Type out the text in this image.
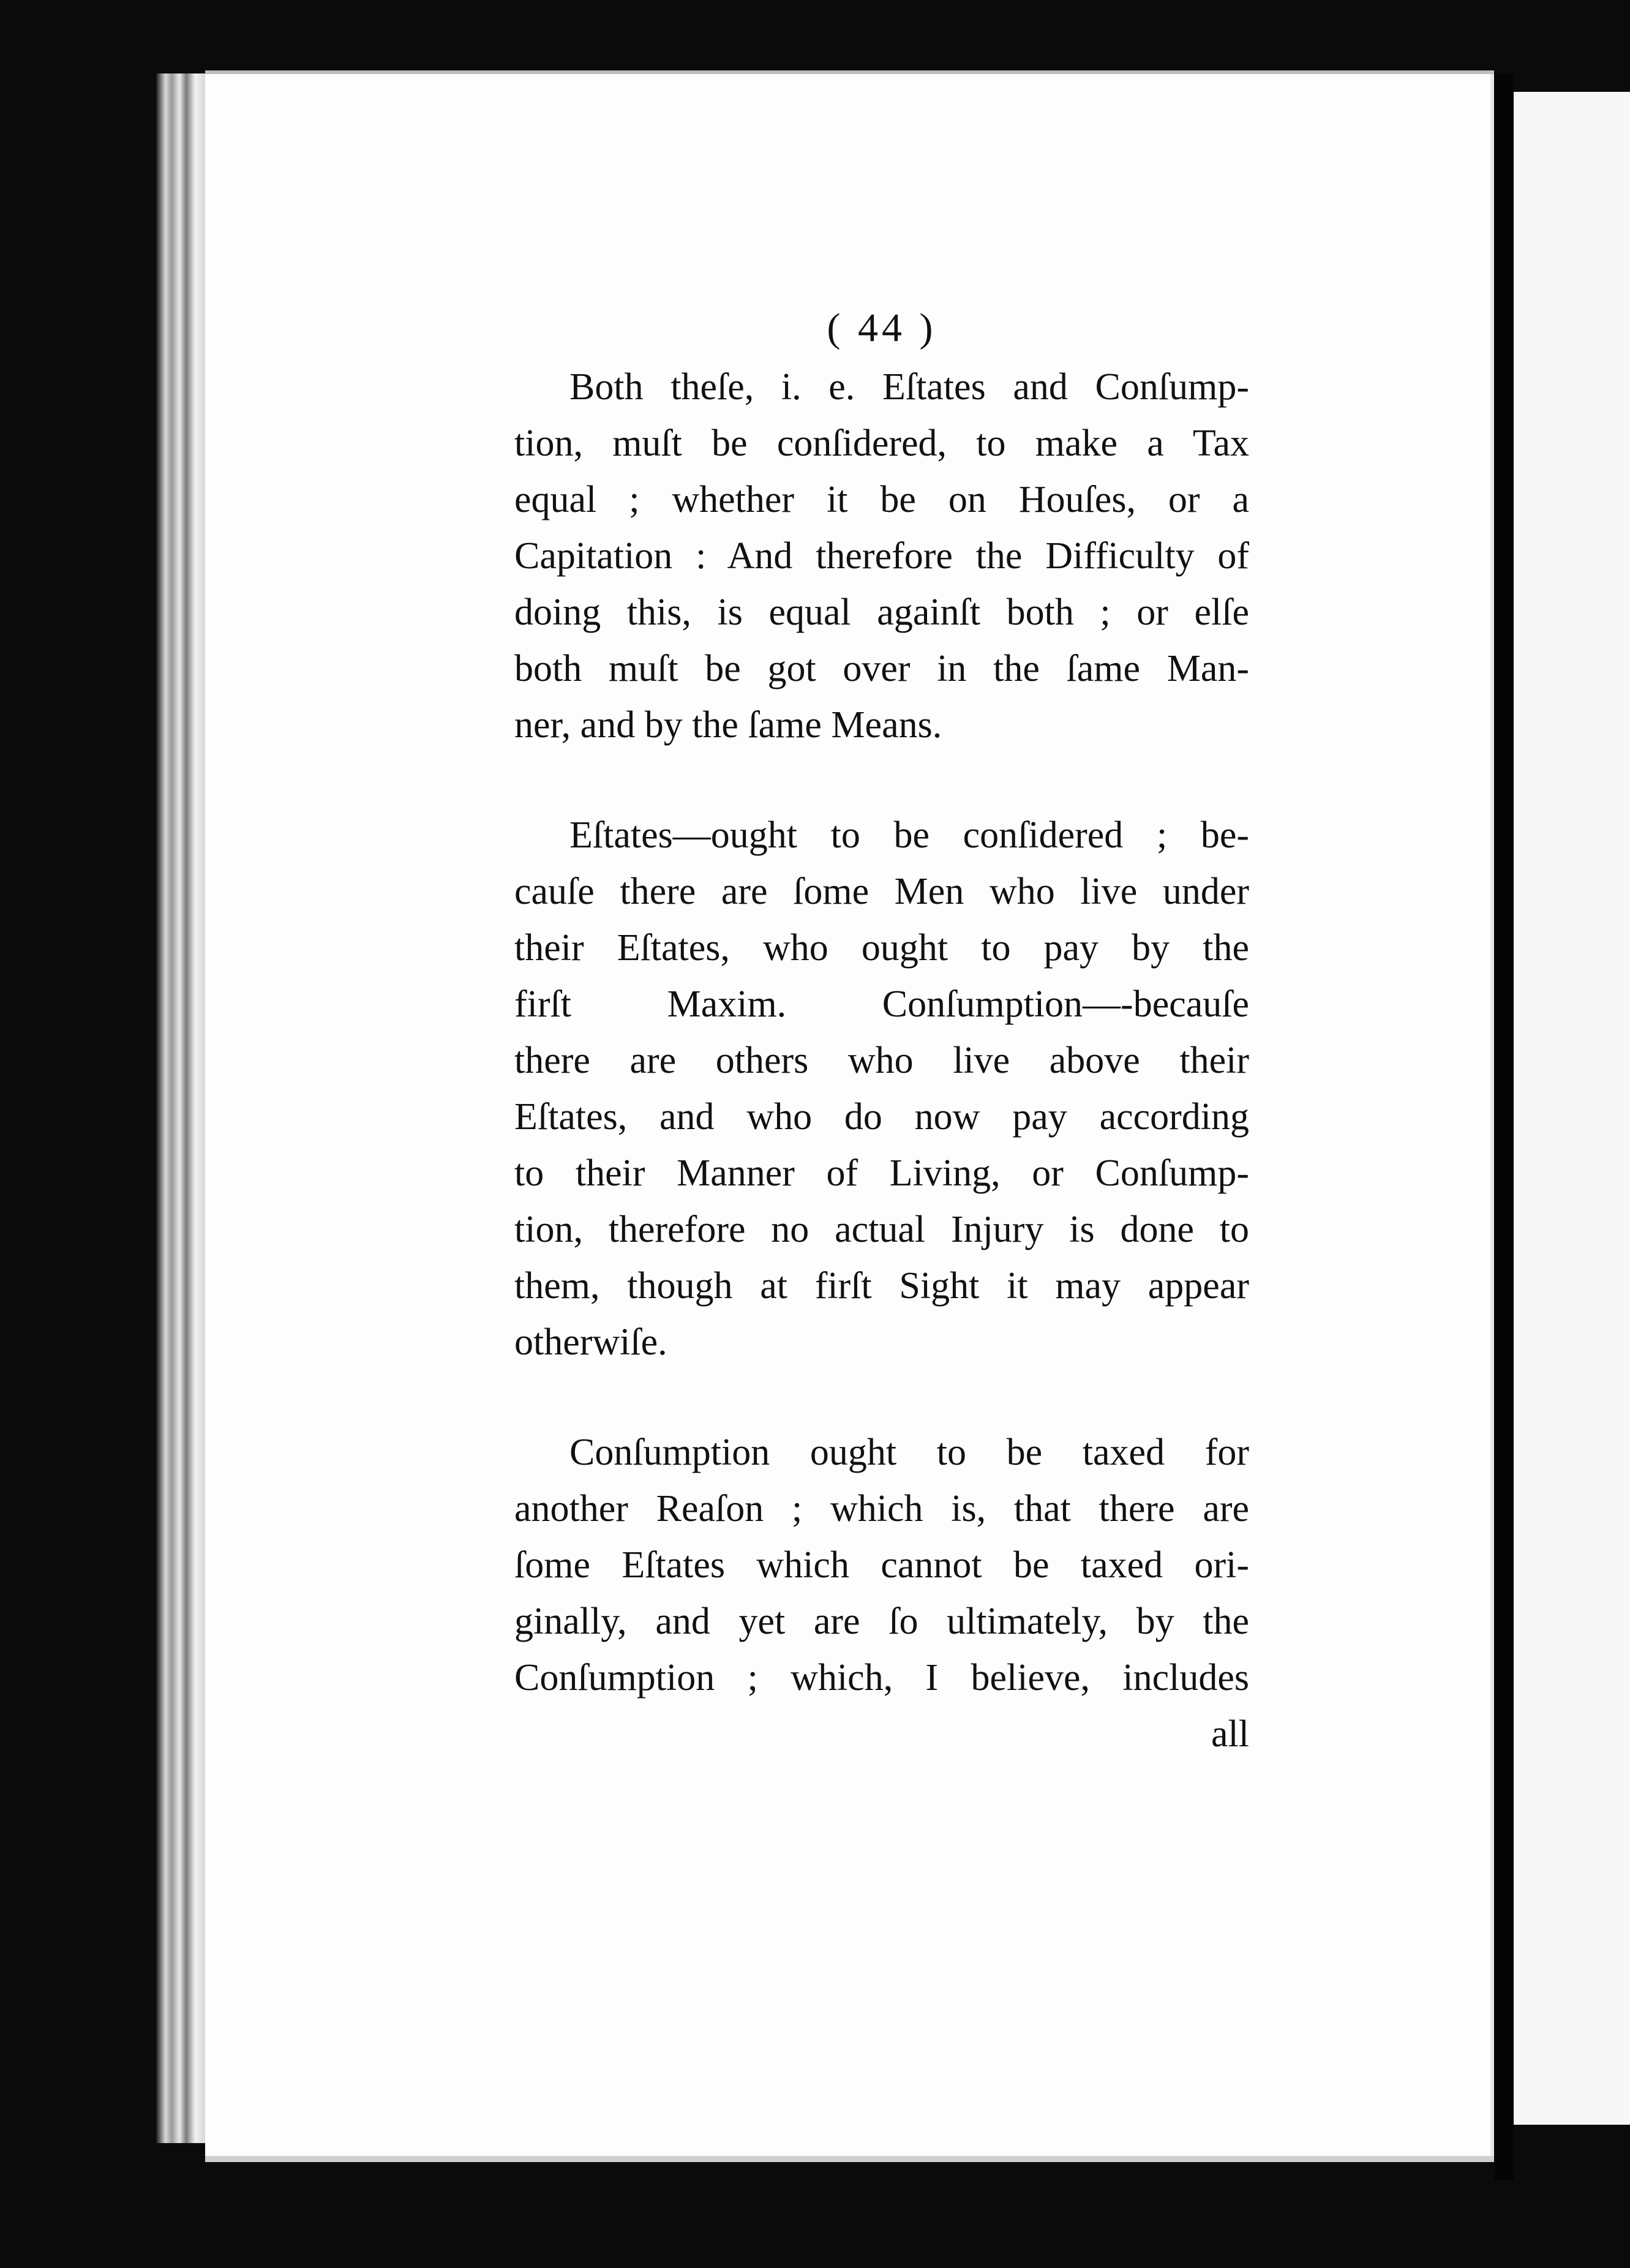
( 44 )
Both theſe, i. e. Eſtates and Conſump-
tion, muſt be conſidered, to make a Tax
equal ; whether it be on Houſes, or a
Capitation : And therefore the Difficulty of
doing this, is equal againſt both ; or elſe
both muſt be got over in the ſame Man-
ner, and by the ſame Means.
Eſtates—ought to be conſidered ; be-
cauſe there are ſome Men who live under
their Eſtates, who ought to pay by the
firſt Maxim. Conſumption—-becauſe
there are others who live above their
Eſtates, and who do now pay according
to their Manner of Living, or Conſump-
tion, therefore no actual Injury is done to
them, though at firſt Sight it may appear
otherwiſe.
Conſumption ought to be taxed for
another Reaſon ; which is, that there are
ſome Eſtates which cannot be taxed ori-
ginally, and yet are ſo ultimately, by the
Conſumption ; which, I believe, includes
all
